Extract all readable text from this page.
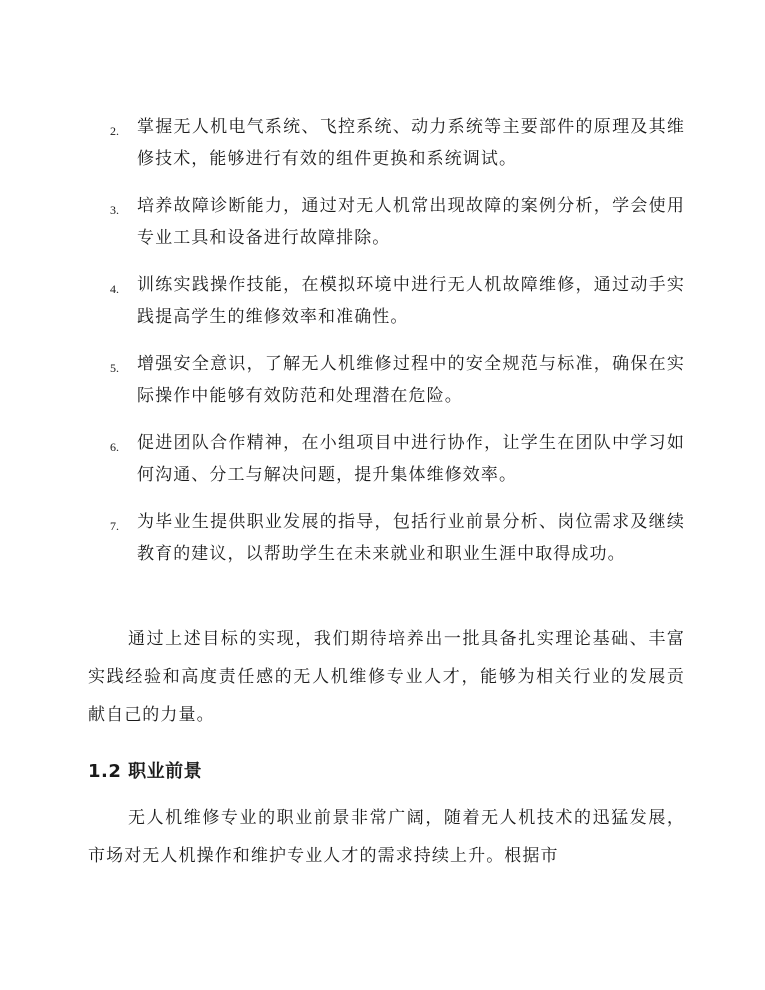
2. 掌握无人机电气系统、飞控系统、动力系统等主要部件的原理及其维修技术，能够进行有效的组件更换和系统调试。
3. 培养故障诊断能力，通过对无人机常出现故障的案例分析，学会使用专业工具和设备进行故障排除。
4. 训练实践操作技能，在模拟环境中进行无人机故障维修，通过动手实践提高学生的维修效率和准确性。
5. 增强安全意识，了解无人机维修过程中的安全规范与标准，确保在实际操作中能够有效防范和处理潜在危险。
6. 促进团队合作精神，在小组项目中进行协作，让学生在团队中学习如何沟通、分工与解决问题，提升集体维修效率。
7. 为毕业生提供职业发展的指导，包括行业前景分析、岗位需求及继续教育的建议，以帮助学生在未来就业和职业生涯中取得成功。

通过上述目标的实现，我们期待培养出一批具备扎实理论基础、丰富实践经验和高度责任感的无人机维修专业人才，能够为相关行业的发展贡献自己的力量。

1.2 职业前景

无人机维修专业的职业前景非常广阔，随着无人机技术的迅猛发展，市场对无人机操作和维护专业人才的需求持续上升。根据市
